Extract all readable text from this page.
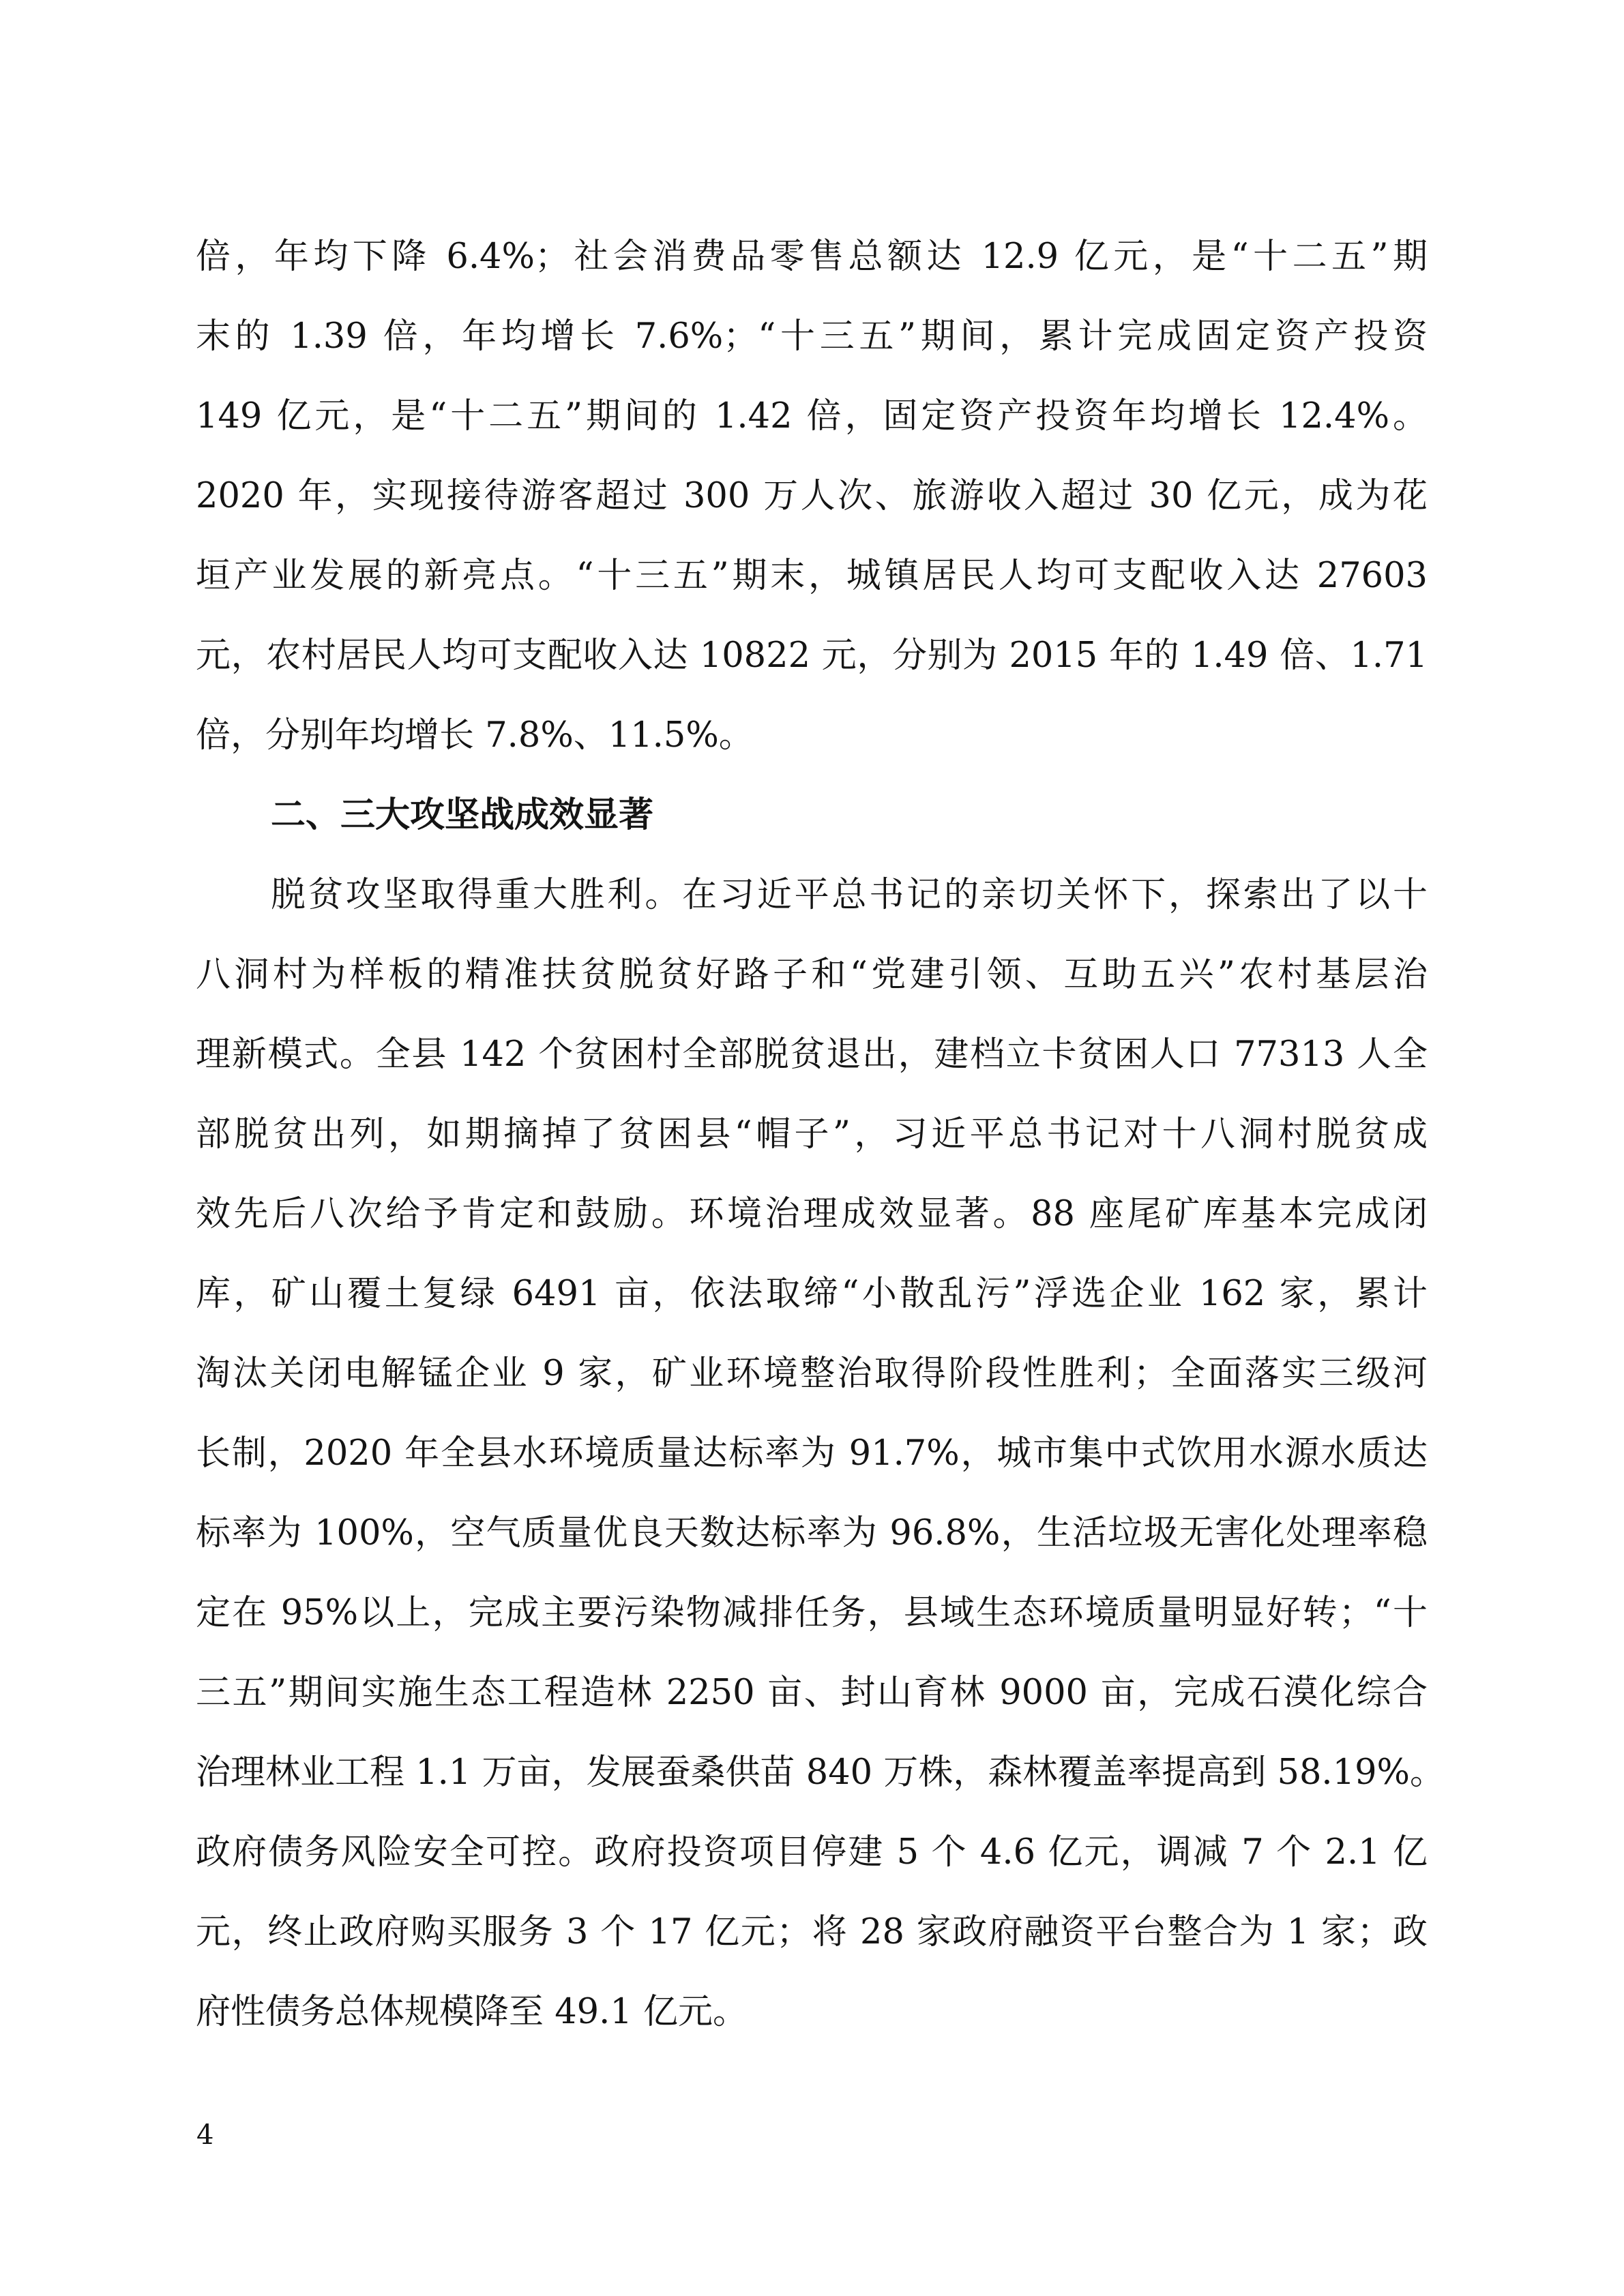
倍，年均下降 6.4%；社会消费品零售总额达 12.9 亿元，是“十二五”期
末的 1.39 倍，年均增长 7.6%；“十三五”期间，累计完成固定资产投资
149 亿元，是“十二五”期间的 1.42 倍，固定资产投资年均增长 12.4%。
2020 年，实现接待游客超过 300 万人次、旅游收入超过 30 亿元，成为花
垣产业发展的新亮点。“十三五”期末，城镇居民人均可支配收入达 27603
元，农村居民人均可支配收入达 10822 元，分别为 2015 年的 1.49 倍、1.71
倍，分别年均增长 7.8%、11.5%。
二、三大攻坚战成效显著
脱贫攻坚取得重大胜利。在习近平总书记的亲切关怀下，探索出了以十
八洞村为样板的精准扶贫脱贫好路子和“党建引领、互助五兴”农村基层治
理新模式。全县 142 个贫困村全部脱贫退出，建档立卡贫困人口 77313 人全
部脱贫出列，如期摘掉了贫困县“帽子”，习近平总书记对十八洞村脱贫成
效先后八次给予肯定和鼓励。环境治理成效显著。88 座尾矿库基本完成闭
库，矿山覆土复绿 6491 亩，依法取缔“小散乱污”浮选企业 162 家，累计
淘汰关闭电解锰企业 9 家，矿业环境整治取得阶段性胜利；全面落实三级河
长制，2020 年全县水环境质量达标率为 91.7%，城市集中式饮用水源水质达
标率为 100%，空气质量优良天数达标率为 96.8%，生活垃圾无害化处理率稳
定在 95%以上，完成主要污染物减排任务，县域生态环境质量明显好转；“十
三五”期间实施生态工程造林 2250 亩、封山育林 9000 亩，完成石漠化综合
治理林业工程 1.1 万亩，发展蚕桑供苗 840 万株，森林覆盖率提高到 58.19%。
政府债务风险安全可控。政府投资项目停建 5 个 4.6 亿元，调减 7 个 2.1 亿
元，终止政府购买服务 3 个 17 亿元；将 28 家政府融资平台整合为 1 家；政
府性债务总体规模降至 49.1 亿元。
4
